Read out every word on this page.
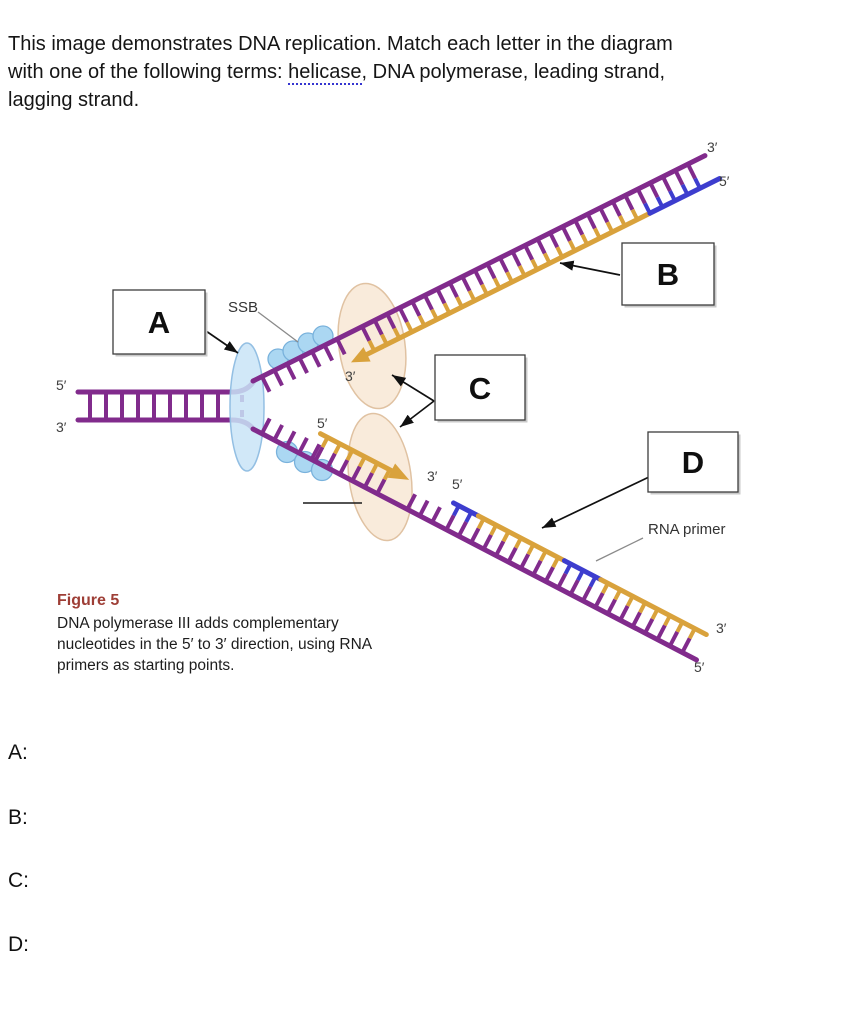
This image demonstrates DNA replication. Match each letter in the diagram
with one of the following terms: helicase, DNA polymerase, leading strand,
lagging strand.
A
B
C
D
SSB
RNA primer
5′
3′
3′
5′
3′
5′
3′ 5′
3′
5′
Figure 5
DNA polymerase III adds complementary
nucleotides in the 5′ to 3′ direction, using RNA
primers as starting points.
A:
B:
C:
D:
